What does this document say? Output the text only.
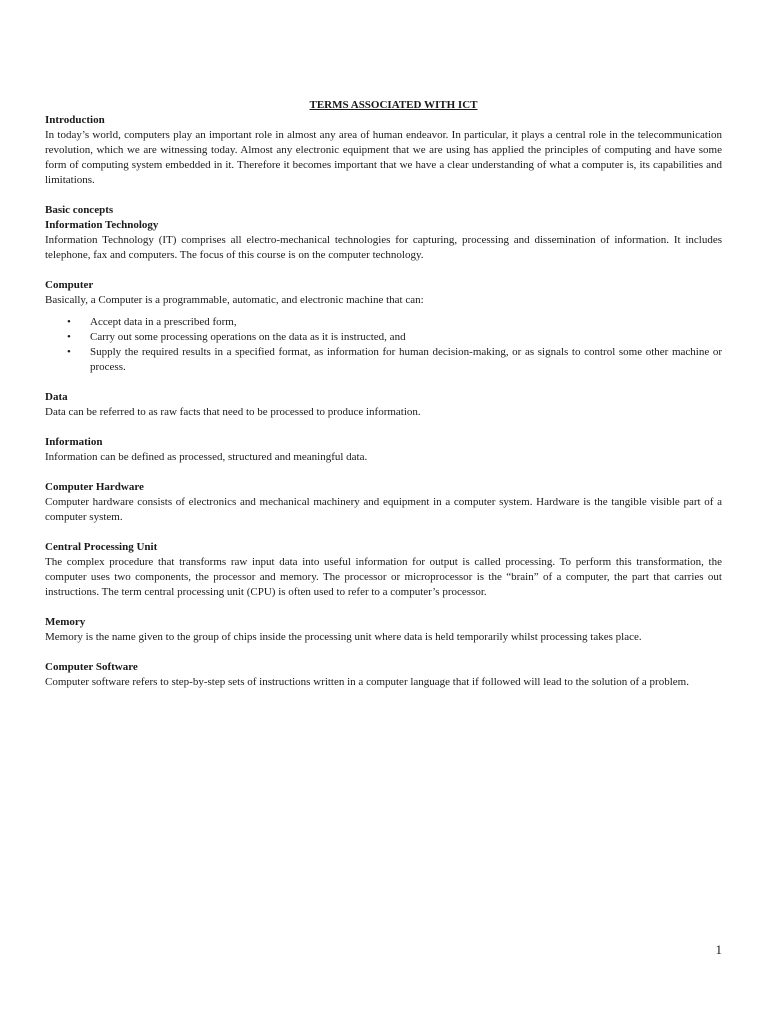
TERMS ASSOCIATED WITH ICT

Introduction

In today’s world, computers play an important role in almost any area of human endeavor. In particular, it plays a central role in the telecommunication revolution, which we are witnessing today. Almost any electronic equipment that we are using has applied the principles of computing and have some form of computing system embedded in it. Therefore it becomes important that we have a clear understanding of what a computer is, its capabilities and limitations.

Basic concepts

Information Technology

Information Technology (IT) comprises all electro-mechanical technologies for capturing, processing and dissemination of information. It includes telephone, fax and computers. The focus of this course is on the computer technology.

Computer

Basically, a Computer is a programmable, automatic, and electronic machine that can:

• Accept data in a prescribed form,
• Carry out some processing operations on the data as it is instructed, and
• Supply the required results in a specified format, as information for human decision-making, or as signals to control some other machine or process.

Data

Data can be referred to as raw facts that need to be processed to produce information.

Information

Information can be defined as processed, structured and meaningful data.

Computer Hardware

Computer hardware consists of electronics and mechanical machinery and equipment in a computer system. Hardware is the tangible visible part of a computer system.

Central Processing Unit

The complex procedure that transforms raw input data into useful information for output is called processing. To perform this transformation, the computer uses two components, the processor and memory. The processor or microprocessor is the “brain” of a computer, the part that carries out instructions. The term central processing unit (CPU) is often used to refer to a computer’s processor.

Memory

Memory is the name given to the group of chips inside the processing unit where data is held temporarily whilst processing takes place.

Computer Software

Computer software refers to step-by-step sets of instructions written in a computer language that if followed will lead to the solution of a problem.

1
